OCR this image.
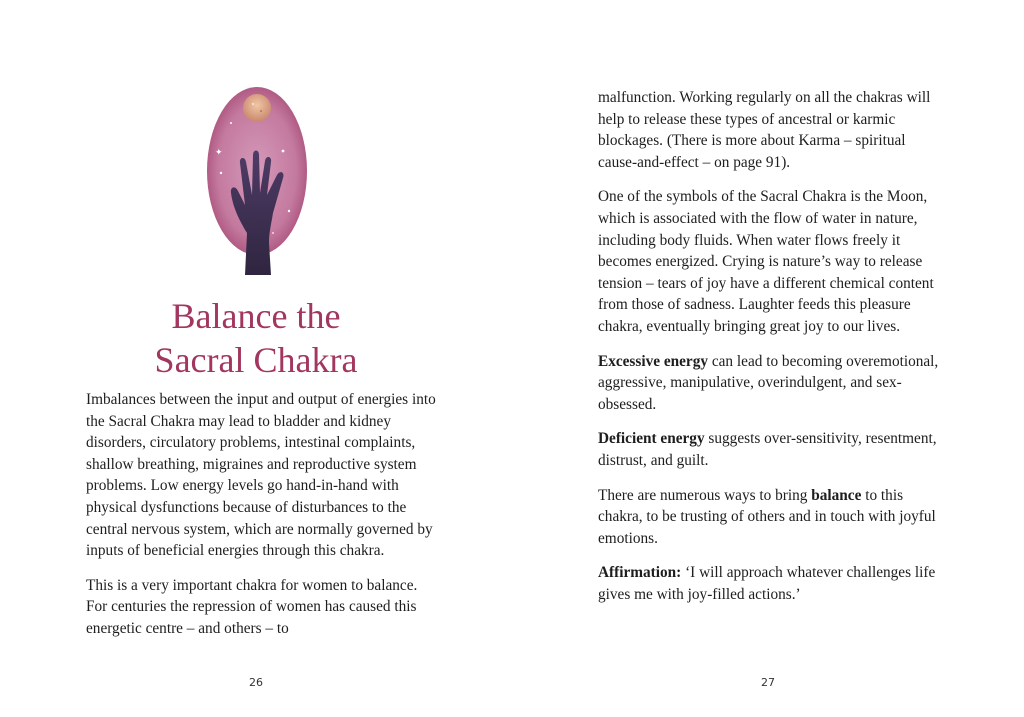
✦
Balance the
Sacral Chakra

Imbalances between the input and output of energies into the Sacral Chakra may lead to bladder and kidney disorders, circulatory problems, intestinal complaints, shallow breathing, migraines and reproductive system problems. Low energy levels go hand-in-hand with physical dysfunctions because of disturbances to the central nervous system, which are normally governed by inputs of beneficial energies through this chakra.

This is a very important chakra for women to balance. For centuries the repression of women has caused this energetic centre – and others – to

26

malfunction. Working regularly on all the chakras will help to release these types of ancestral or karmic blockages. (There is more about Karma – spiritual cause-and-effect – on page 91).

One of the symbols of the Sacral Chakra is the Moon, which is associated with the flow of water in nature, including body fluids. When water flows freely it becomes energized. Crying is nature’s way to release tension – tears of joy have a different chemical content from those of sadness. Laughter feeds this pleasure chakra, eventually bringing great joy to our lives.

Excessive energy can lead to becoming overemotional, aggressive, manipulative, overindulgent, and sex-obsessed.

Deficient energy suggests over-sensitivity, resentment, distrust, and guilt.

There are numerous ways to bring balance to this chakra, to be trusting of others and in touch with joyful emotions.

Affirmation: ‘I will approach whatever challenges life gives me with joy-filled actions.’

27
